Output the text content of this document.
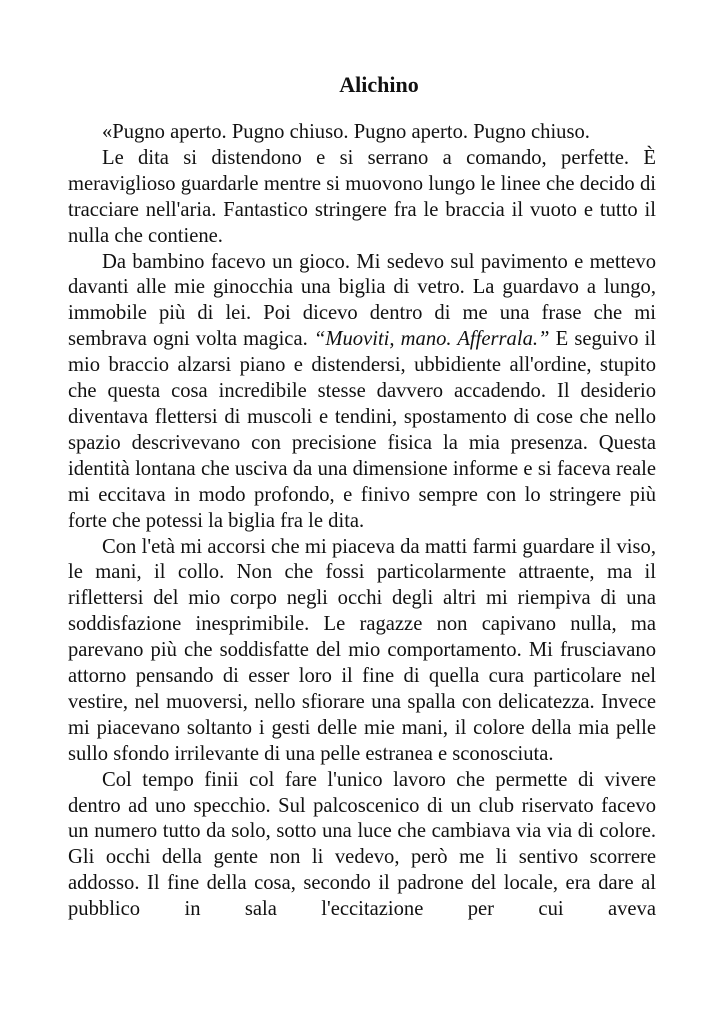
Alichino

«Pugno aperto. Pugno chiuso. Pugno aperto. Pugno chiuso.

Le dita si distendono e si serrano a comando, perfette. È meraviglioso guardarle mentre si muovono lungo le linee che decido di tracciare nell'aria. Fantastico stringere fra le braccia il vuoto e tutto il nulla che contiene.

Da bambino facevo un gioco. Mi sedevo sul pavimento e mettevo davanti alle mie ginocchia una biglia di vetro. La guardavo a lungo, immobile più di lei. Poi dicevo dentro di me una frase che mi sembrava ogni volta magica. “Muoviti, mano. Afferrala.” E seguivo il mio braccio alzarsi piano e distendersi, ubbidiente all'ordine, stupito che questa cosa incredibile stesse davvero accadendo. Il desiderio diventava flettersi di muscoli e tendini, spostamento di cose che nello spazio descrivevano con precisione fisica la mia presenza. Questa identità lontana che usciva da una dimensione informe e si faceva reale mi eccitava in modo profondo, e finivo sempre con lo stringere più forte che potessi la biglia fra le dita.

Con l'età mi accorsi che mi piaceva da matti farmi guardare il viso, le mani, il collo. Non che fossi particolarmente attraente, ma il riflettersi del mio corpo negli occhi degli altri mi riempiva di una soddisfazione inesprimibile. Le ragazze non capivano nulla, ma parevano più che soddisfatte del mio comportamento. Mi frusciavano attorno pensando di esser loro il fine di quella cura particolare nel vestire, nel muoversi, nello sfiorare una spalla con delicatezza. Invece mi piacevano soltanto i gesti delle mie mani, il colore della mia pelle sullo sfondo irrilevante di una pelle estranea e sconosciuta.

Col tempo finii col fare l'unico lavoro che permette di vivere dentro ad uno specchio. Sul palcoscenico di un club riservato facevo un numero tutto da solo, sotto una luce che cambiava via via di colore. Gli occhi della gente non li vedevo, però me li sentivo scorrere addosso. Il fine della cosa, secondo il padrone del locale, era dare al pubblico in sala l'eccitazione per cui aveva
